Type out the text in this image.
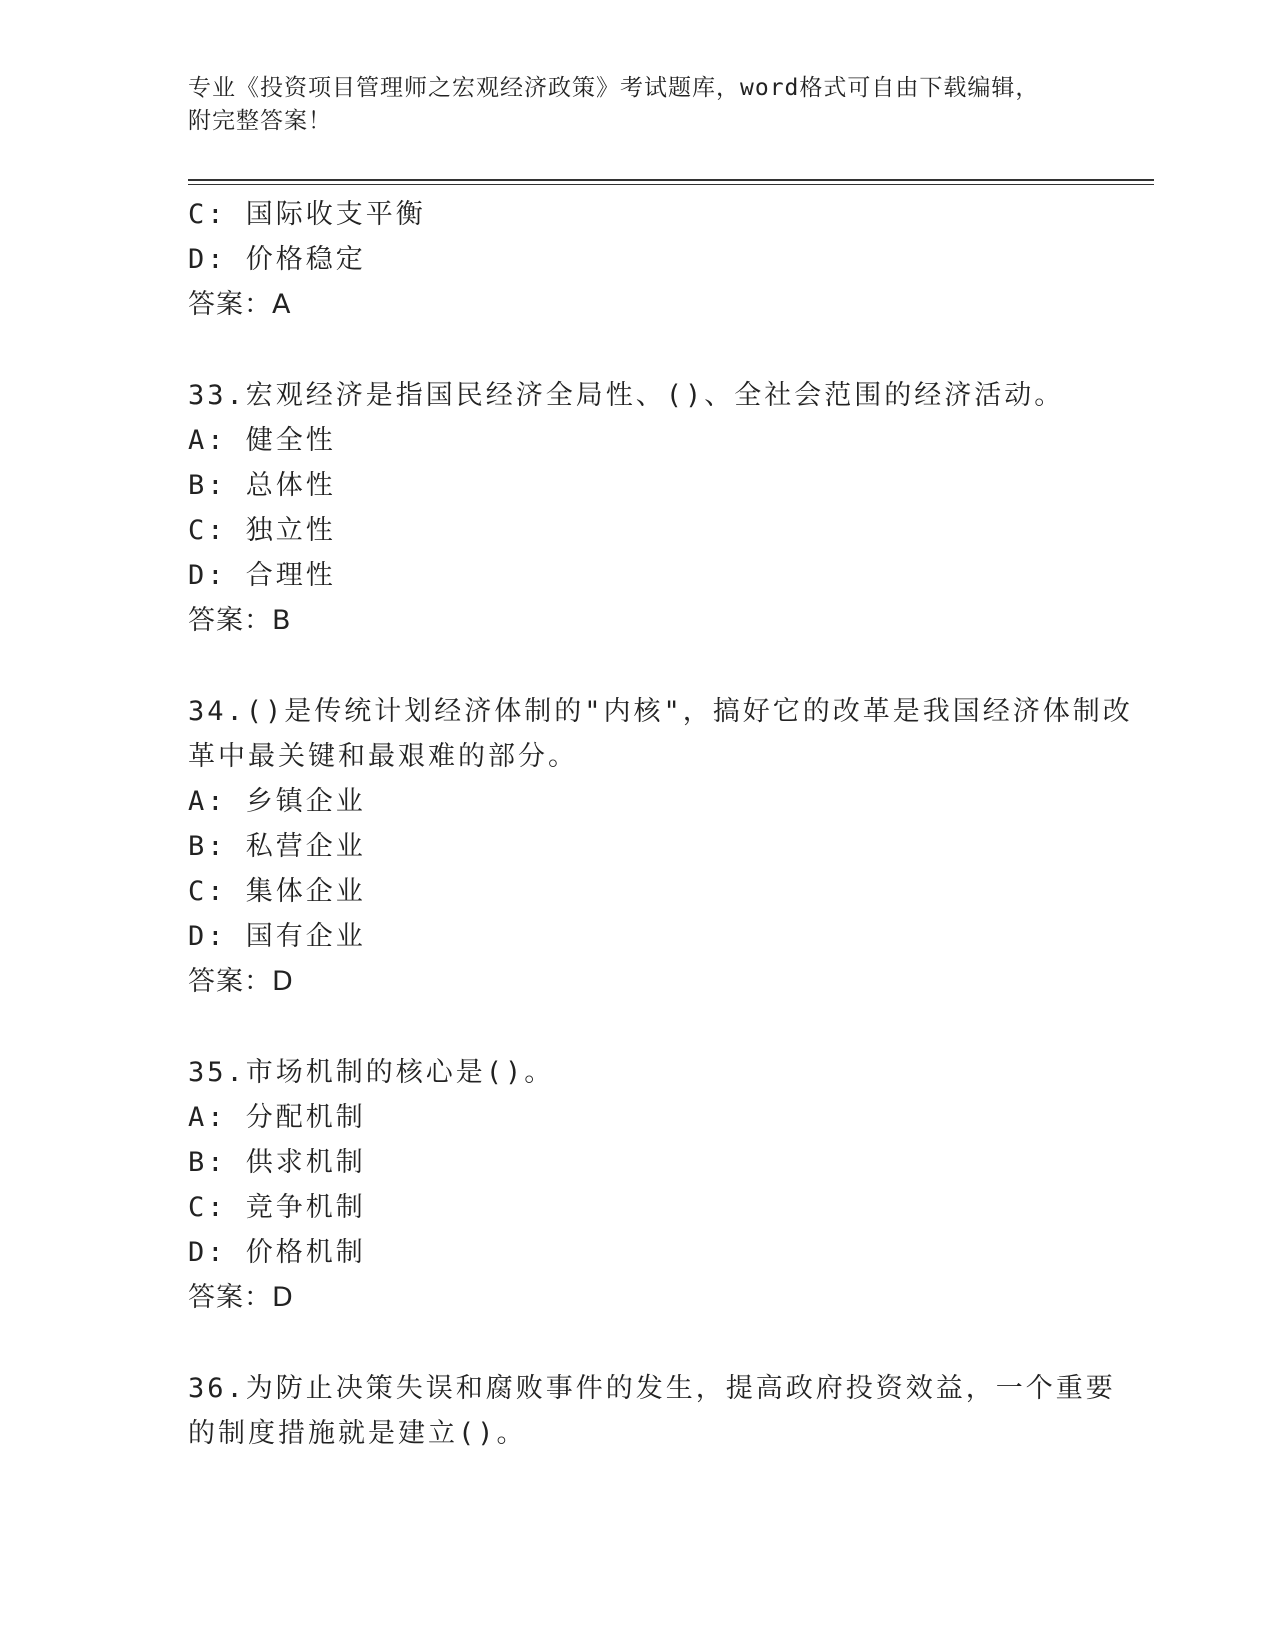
专业《投资项目管理师之宏观经济政策》考试题库，word格式可自由下载编辑，
附完整答案！
C: 国际收支平衡
D: 价格稳定
答案：A
33.宏观经济是指国民经济全局性、()、全社会范围的经济活动。
A: 健全性
B: 总体性
C: 独立性
D: 合理性
答案：B
34.()是传统计划经济体制的"内核"，搞好它的改革是我国经济体制改
革中最关键和最艰难的部分。
A: 乡镇企业
B: 私营企业
C: 集体企业
D: 国有企业
答案：D
35.市场机制的核心是()。
A: 分配机制
B: 供求机制
C: 竞争机制
D: 价格机制
答案：D
36.为防止决策失误和腐败事件的发生，提高政府投资效益，一个重要
的制度措施就是建立()。
